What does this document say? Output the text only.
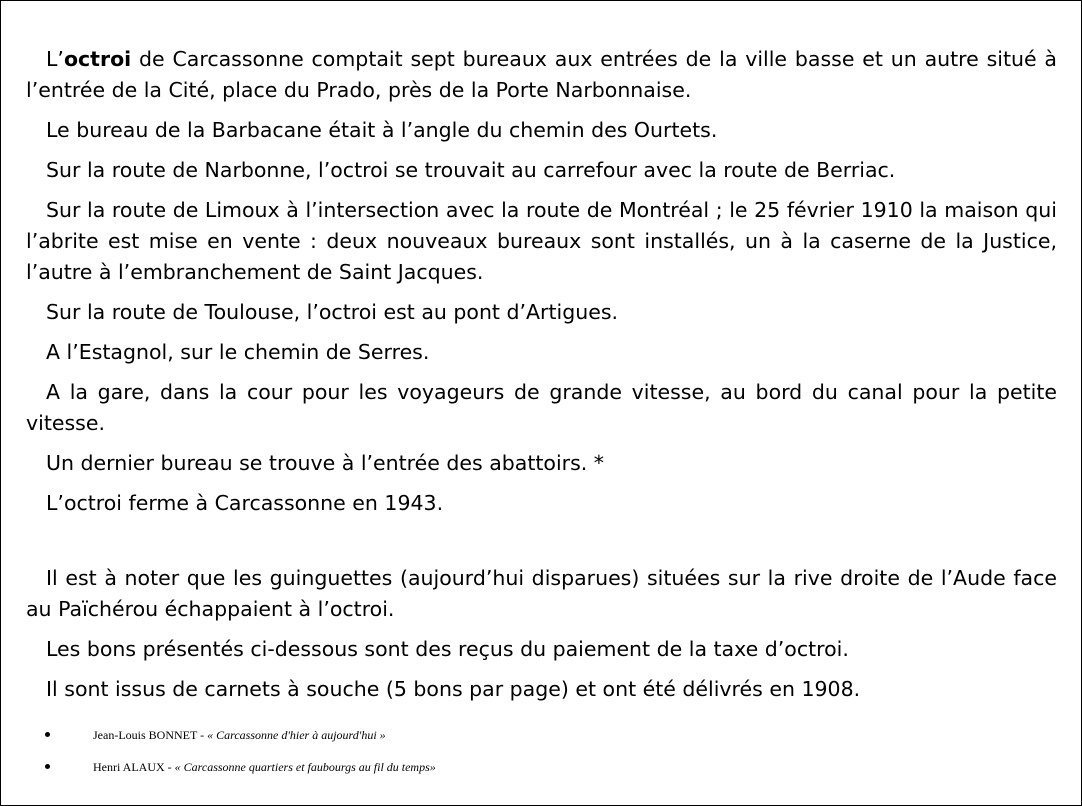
L’octroi de Carcassonne comptait sept bureaux aux entrées de la ville basse et un autre situé à l’entrée de la Cité, place du Prado, près de la Porte Narbonnaise.

Le bureau de la Barbacane était à l’angle du chemin des Ourtets.

Sur la route de Narbonne, l’octroi se trouvait au carrefour avec la route de Berriac.

Sur la route de Limoux à l’intersection avec la route de Montréal ; le 25 février 1910 la maison qui l’abrite est mise en vente : deux nouveaux bureaux sont installés, un à la caserne de la Justice, l’autre à l’embranchement de Saint Jacques.

Sur la route de Toulouse, l’octroi est au pont d’Artigues.

A l’Estagnol, sur le chemin de Serres.

A la gare, dans la cour pour les voyageurs de grande vitesse, au bord du canal pour la petite vitesse.

Un dernier bureau se trouve à l’entrée des abattoirs. *

L’octroi ferme à Carcassonne en 1943.

Il est à noter que les guinguettes (aujourd’hui disparues) situées sur la rive droite de l’Aude face au Païchérou échappaient à l’octroi.

Les bons présentés ci-dessous sont des reçus du paiement de la taxe d’octroi.

Il sont issus de carnets à souche (5 bons par page) et ont été délivrés en 1908.

Jean-Louis BONNET - « Carcassonne d'hier à aujourd'hui »
Henri ALAUX - « Carcassonne quartiers et faubourgs au fil du temps»
